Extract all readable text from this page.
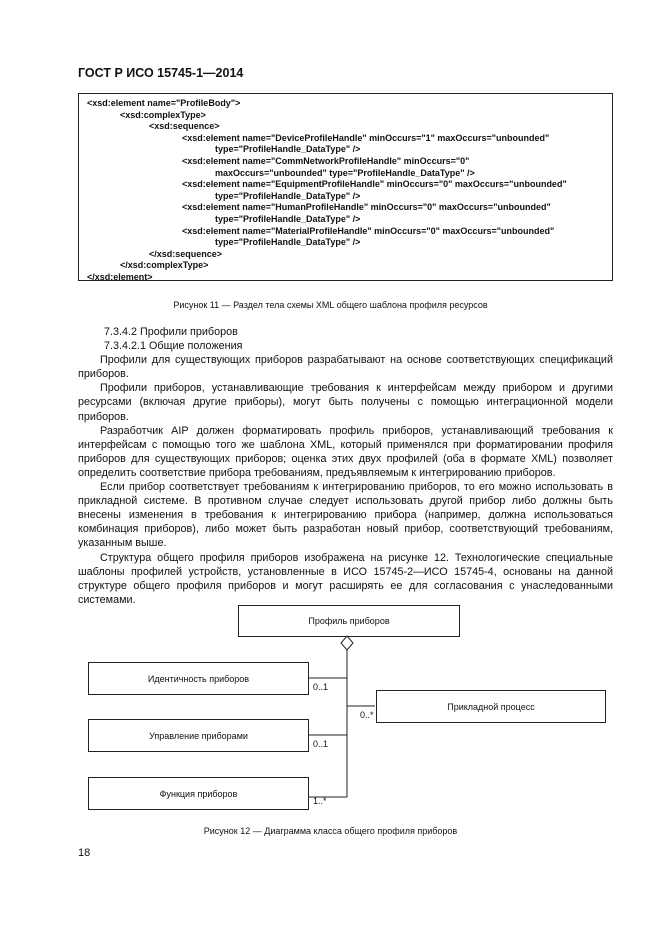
ГОСТ Р ИСО 15745-1—2014
<xsd:element name="ProfileBody">
<xsd:complexType>
<xsd:sequence>
<xsd:element name="DeviceProfileHandle" minOccurs="1" maxOccurs="unbounded"
type="ProfileHandle_DataType" />
<xsd:element name="CommNetworkProfileHandle" minOccurs="0"
maxOccurs="unbounded" type="ProfileHandle_DataType" />
<xsd:element name="EquipmentProfileHandle" minOccurs="0" maxOccurs="unbounded"
type="ProfileHandle_DataType" />
<xsd:element name="HumanProfileHandle" minOccurs="0" maxOccurs="unbounded"
type="ProfileHandle_DataType" />
<xsd:element name="MaterialProfileHandle" minOccurs="0" maxOccurs="unbounded"
type="ProfileHandle_DataType" />
</xsd:sequence>
</xsd:complexType>
</xsd:element>
Рисунок 11 — Раздел тела схемы XML общего шаблона профиля ресурсов

7.3.4.2 Профили приборов

7.3.4.2.1 Общие положения

Профили для существующих приборов разрабатывают на основе соответствующих спецификаций приборов.

Профили приборов, устанавливающие требования к интерфейсам между прибором и другими ресурсами (включая другие приборы), могут быть получены с помощью интеграционной модели приборов.

Разработчик AIP должен форматировать профиль приборов, устанавливающий требования к интерфейсам с помощью того же шаблона XML, который применялся при форматировании профиля приборов для существующих приборов; оценка этих двух профилей (оба в формате XML) позволяет определить соответствие прибора требованиям, предъявляемым к интегрированию приборов.

Если прибор соответствует требованиям к интегрированию приборов, то его можно использовать в прикладной системе. В противном случае следует использовать другой прибор либо должны быть внесены изменения в требования к интегрированию прибора (например, должна использоваться комбинация приборов), либо может быть разработан новый прибор, соответствующий требованиям, указанным выше.

Структура общего профиля приборов изображена на рисунке 12. Технологические специальные шаблоны профилей устройств, установленные в ИСО 15745-2—ИСО 15745-4, основаны на данной структуре общего профиля приборов и могут расширять ее для согласования с унаследованными системами.

Профиль приборов
Идентичность приборов
Управление приборами
Функция приборов
Прикладной процесс
0..1
0..1
1..*
0..*
Рисунок 12 — Диаграмма класса общего профиля приборов
18
